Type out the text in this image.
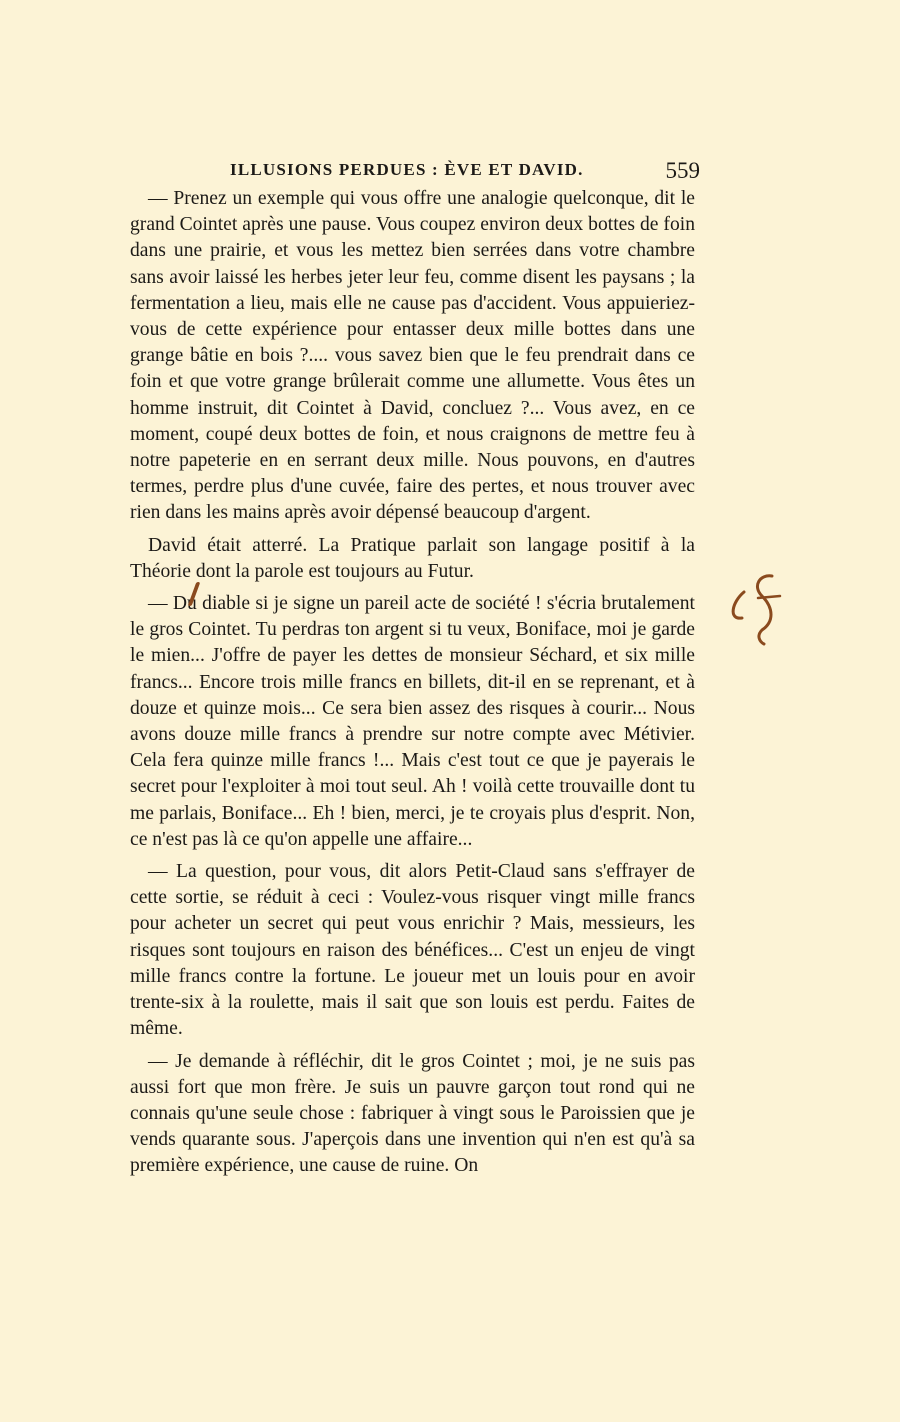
ILLUSIONS PERDUES : ÈVE ET DAVID.	559

— Prenez un exemple qui vous offre une analogie quelconque, dit le grand Cointet après une pause. Vous coupez environ deux bottes de foin dans une prairie, et vous les mettez bien serrées dans votre chambre sans avoir laissé les herbes jeter leur feu, comme disent les paysans ; la fermentation a lieu, mais elle ne cause pas d'accident. Vous appuieriez-vous de cette expérience pour entasser deux mille bottes dans une grange bâtie en bois ?.... vous savez bien que le feu prendrait dans ce foin et que votre grange brûlerait comme une allumette. Vous êtes un homme instruit, dit Cointet à David, concluez ?... Vous avez, en ce moment, coupé deux bottes de foin, et nous craignons de mettre feu à notre papeterie en en serrant deux mille. Nous pouvons, en d'autres termes, perdre plus d'une cuvée, faire des pertes, et nous trouver avec rien dans les mains après avoir dépensé beaucoup d'argent.

David était atterré. La Pratique parlait son langage positif à la Théorie dont la parole est toujours au Futur.

— Du diable si je signe un pareil acte de société ! s'écria brutalement le gros Cointet. Tu perdras ton argent si tu veux, Boniface, moi je garde le mien... J'offre de payer les dettes de monsieur Séchard, et six mille francs... Encore trois mille francs en billets, dit-il en se reprenant, et à douze et quinze mois... Ce sera bien assez des risques à courir... Nous avons douze mille francs à prendre sur notre compte avec Métivier. Cela fera quinze mille francs !... Mais c'est tout ce que je payerais le secret pour l'exploiter à moi tout seul. Ah ! voilà cette trouvaille dont tu me parlais, Boniface... Eh ! bien, merci, je te croyais plus d'esprit. Non, ce n'est pas là ce qu'on appelle une affaire...

— La question, pour vous, dit alors Petit-Claud sans s'effrayer de cette sortie, se réduit à ceci : Voulez-vous risquer vingt mille francs pour acheter un secret qui peut vous enrichir ? Mais, messieurs, les risques sont toujours en raison des bénéfices... C'est un enjeu de vingt mille francs contre la fortune. Le joueur met un louis pour en avoir trente-six à la roulette, mais il sait que son louis est perdu. Faites de même.

— Je demande à réfléchir, dit le gros Cointet ; moi, je ne suis pas aussi fort que mon frère. Je suis un pauvre garçon tout rond qui ne connais qu'une seule chose : fabriquer à vingt sous le Paroissien que je vends quarante sous. J'aperçois dans une invention qui n'en est qu'à sa première expérience, une cause de ruine. On
